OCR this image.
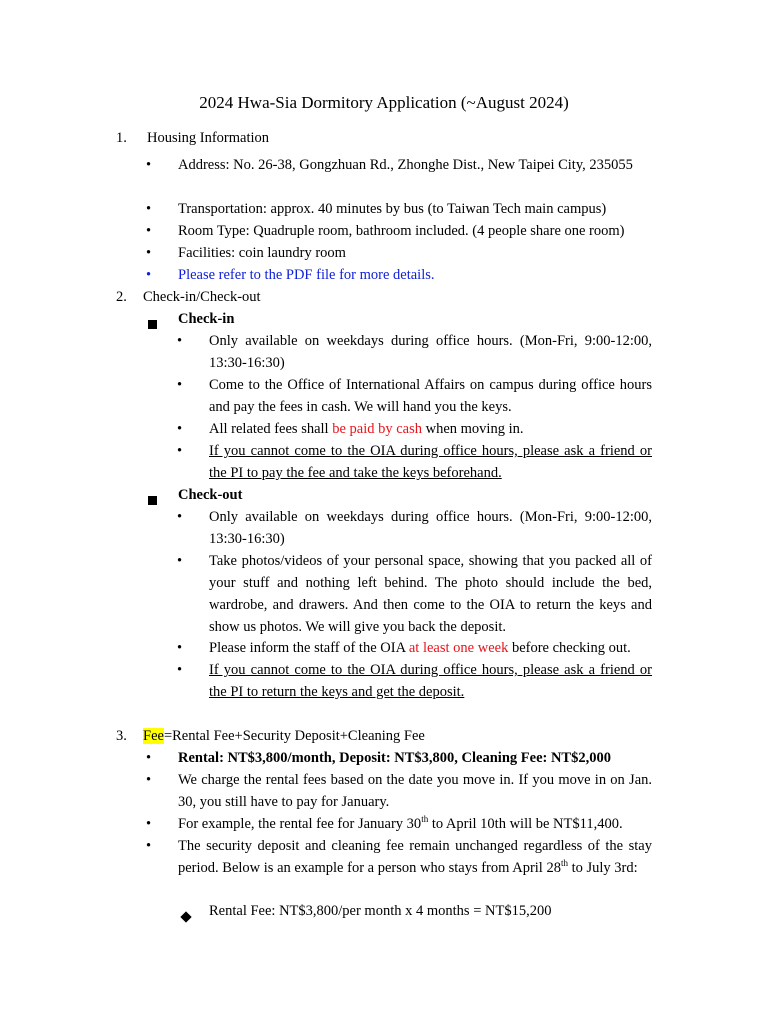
2024 Hwa-Sia Dormitory Application (~August 2024)
1.	Housing Information
• Address: No. 26-38, Gongzhuan Rd., Zhonghe Dist., New Taipei City, 235055
• Transportation: approx. 40 minutes by bus (to Taiwan Tech main campus)
• Room Type: Quadruple room, bathroom included. (4 people share one room)
• Facilities: coin laundry room
• Please refer to the PDF file for more details.
2.	Check-in/Check-out
Check-in
• Only available on weekdays during office hours. (Mon-Fri, 9:00-12:00, 13:30-16:30)
• Come to the Office of International Affairs on campus during office hours and pay the fees in cash. We will hand you the keys.
• All related fees shall be paid by cash when moving in.
• If you cannot come to the OIA during office hours, please ask a friend or the PI to pay the fee and take the keys beforehand.
Check-out
• Only available on weekdays during office hours. (Mon-Fri, 9:00-12:00, 13:30-16:30)
• Take photos/videos of your personal space, showing that you packed all of your stuff and nothing left behind. The photo should include the bed, wardrobe, and drawers. And then come to the OIA to return the keys and show us photos. We will give you back the deposit.
• Please inform the staff of the OIA at least one week before checking out.
• If you cannot come to the OIA during office hours, please ask a friend or the PI to return the keys and get the deposit.
3.	Fee=Rental Fee+Security Deposit+Cleaning Fee
• Rental: NT$3,800/month, Deposit: NT$3,800, Cleaning Fee: NT$2,000
• We charge the rental fees based on the date you move in. If you move in on Jan. 30, you still have to pay for January.
• For example, the rental fee for January 30th to April 10th will be NT$11,400.
• The security deposit and cleaning fee remain unchanged regardless of the stay period. Below is an example for a person who stays from April 28th to July 3rd:
Rental Fee: NT$3,800/per month x 4 months = NT$15,200
